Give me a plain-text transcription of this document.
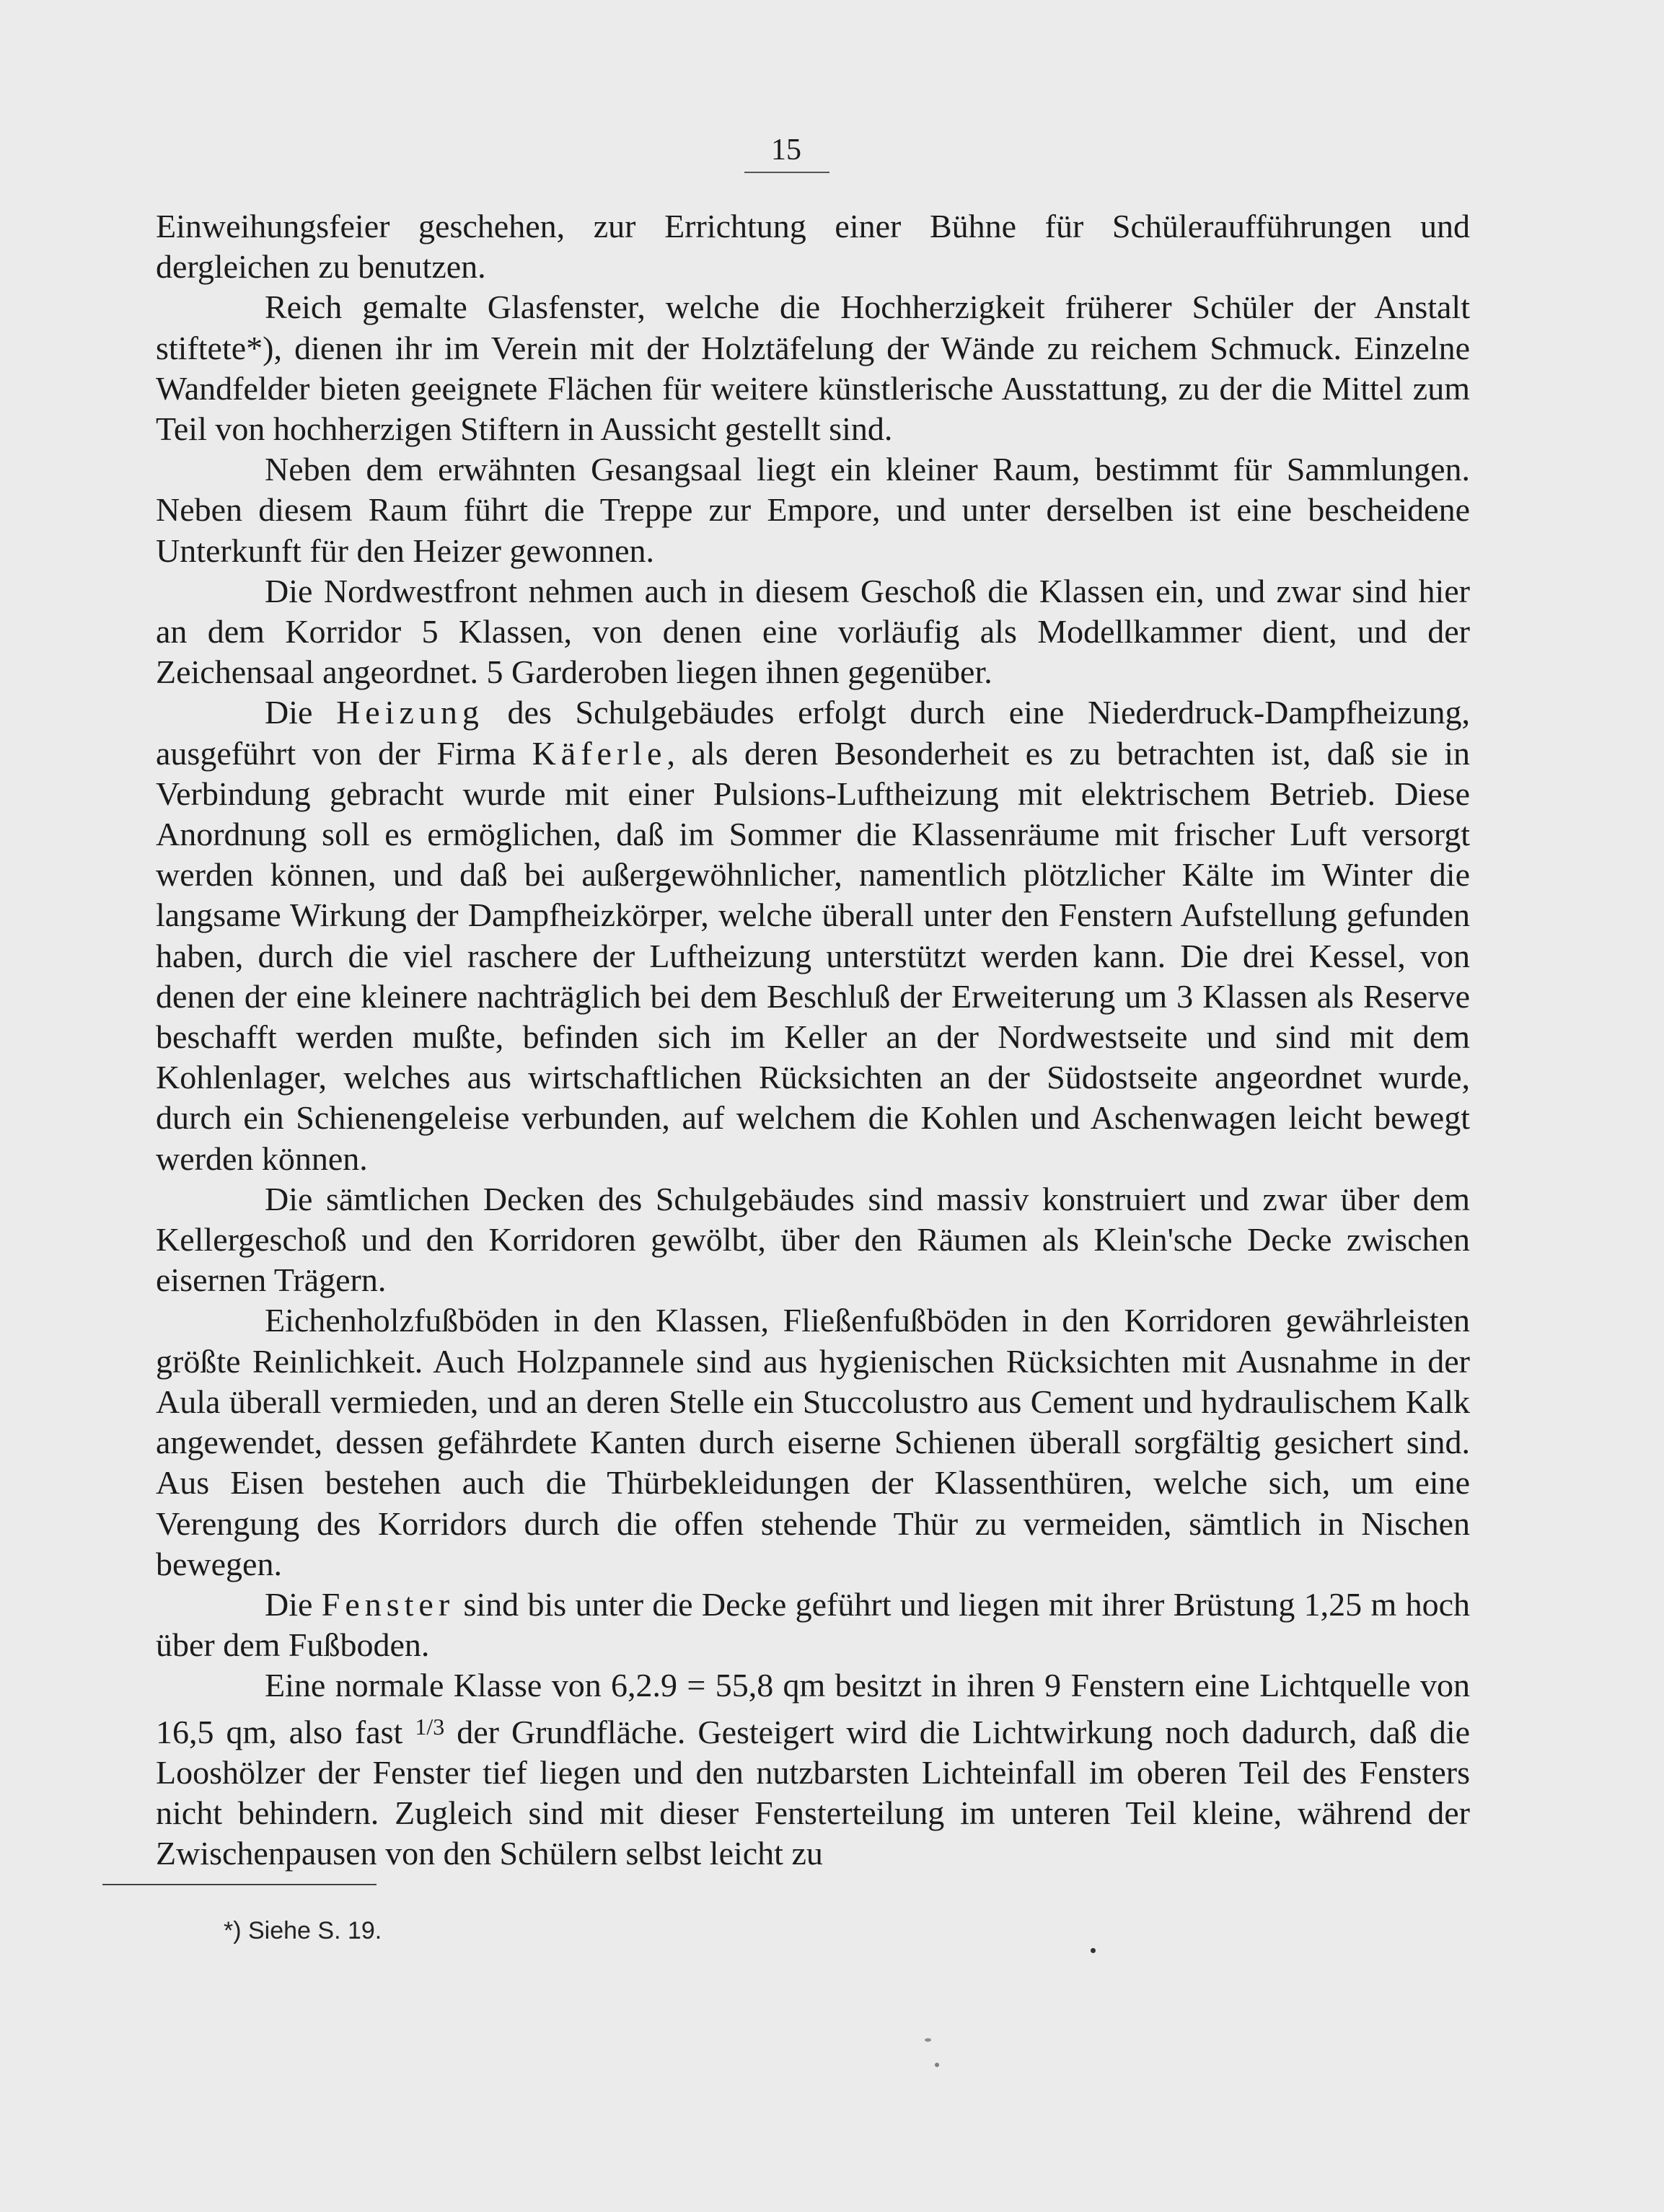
15

Einweihungsfeier geschehen, zur Errichtung einer Bühne für Schüleraufführungen und dergleichen zu benutzen.

Reich gemalte Glasfenster, welche die Hochherzigkeit früherer Schüler der Anstalt stiftete*), dienen ihr im Verein mit der Holztäfelung der Wände zu reichem Schmuck. Einzelne Wandfelder bieten geeignete Flächen für weitere künstlerische Ausstattung, zu der die Mittel zum Teil von hochherzigen Stiftern in Aussicht gestellt sind.

Neben dem erwähnten Gesangsaal liegt ein kleiner Raum, bestimmt für Sammlungen. Neben diesem Raum führt die Treppe zur Empore, und unter derselben ist eine bescheidene Unterkunft für den Heizer gewonnen.

Die Nordwestfront nehmen auch in diesem Geschoß die Klassen ein, und zwar sind hier an dem Korridor 5 Klassen, von denen eine vorläufig als Modellkammer dient, und der Zeichensaal angeordnet. 5 Garderoben liegen ihnen gegenüber.

Die Heizung des Schulgebäudes erfolgt durch eine Niederdruck-Dampfheizung, ausgeführt von der Firma Käferle, als deren Besonderheit es zu betrachten ist, daß sie in Verbindung gebracht wurde mit einer Pulsions-Luftheizung mit elektrischem Betrieb. Diese Anordnung soll es ermöglichen, daß im Sommer die Klassenräume mit frischer Luft versorgt werden können, und daß bei außergewöhnlicher, namentlich plötzlicher Kälte im Winter die langsame Wirkung der Dampfheizkörper, welche überall unter den Fenstern Aufstellung gefunden haben, durch die viel raschere der Luftheizung unterstützt werden kann. Die drei Kessel, von denen der eine kleinere nachträglich bei dem Beschluß der Erweiterung um 3 Klassen als Reserve beschafft werden mußte, befinden sich im Keller an der Nordwestseite und sind mit dem Kohlenlager, welches aus wirtschaftlichen Rücksichten an der Südostseite angeordnet wurde, durch ein Schienengeleise verbunden, auf welchem die Kohlen und Aschenwagen leicht bewegt werden können.

Die sämtlichen Decken des Schulgebäudes sind massiv konstruiert und zwar über dem Kellergeschoß und den Korridoren gewölbt, über den Räumen als Klein'sche Decke zwischen eisernen Trägern.

Eichenholzfußböden in den Klassen, Fließenfußböden in den Korridoren gewährleisten größte Reinlichkeit. Auch Holzpannele sind aus hygienischen Rücksichten mit Ausnahme in der Aula überall vermieden, und an deren Stelle ein Stuccolustro aus Cement und hydraulischem Kalk angewendet, dessen gefährdete Kanten durch eiserne Schienen überall sorgfältig gesichert sind. Aus Eisen bestehen auch die Thürbekleidungen der Klassenthüren, welche sich, um eine Verengung des Korridors durch die offen stehende Thür zu vermeiden, sämtlich in Nischen bewegen.

Die Fenster sind bis unter die Decke geführt und liegen mit ihrer Brüstung 1,25 m hoch über dem Fußboden.

Eine normale Klasse von 6,2.9 = 55,8 qm besitzt in ihren 9 Fenstern eine Lichtquelle von 16,5 qm, also fast $^{1/3}$ der Grundfläche. Gesteigert wird die Lichtwirkung noch dadurch, daß die Looshölzer der Fenster tief liegen und den nutzbarsten Lichteinfall im oberen Teil des Fensters nicht behindern. Zugleich sind mit dieser Fensterteilung im unteren Teil kleine, während der Zwischenpausen von den Schülern selbst leicht zu

*) Siehe S. 19.
